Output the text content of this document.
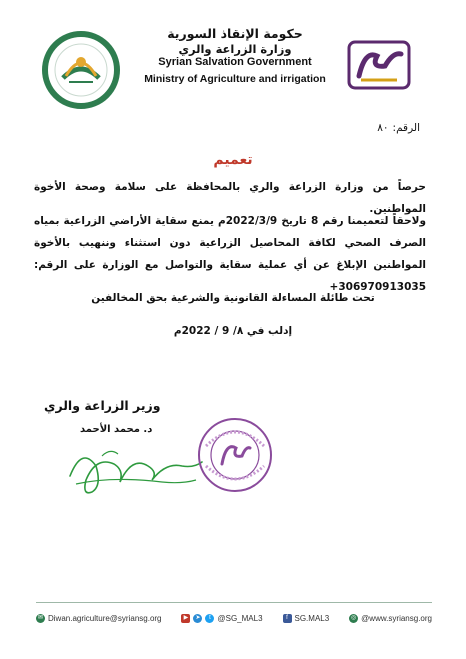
حكومة الإنقاذ السورية
وزارة الزراعة والري
Syrian Salvation Government
Ministry of Agriculture and irrigation
الرقم:٨٠
تعميم
حرصاً من وزارة الزراعة والري بالمحافظة على سلامة وصحة الأخوة المواطنين.
ولاحقاً لتعميمنا رقم 8 تاريخ 2022/3/9م يمنع سقاية الأراضي الزراعية بمياه الصرف الصحي لكافة المحاصيل الزراعية دون استثناء وننهيب بالأخوة المواطنين الإبلاغ عن أي عملية سقاية والتواصل مع الوزارة على الرقم: 306970913035+
تحت طائلة المساءلة القانونية والشرعية بحق المخالفين
إدلب في ٨/ 9 / 2022م
وزير الزراعة والري
د. محمد الأحمد
✉ Diwan.agriculture@syriansg.org	▶	➤	t @SG_MAL3	f SG.MAL3	◎ @www.syriansg.org
